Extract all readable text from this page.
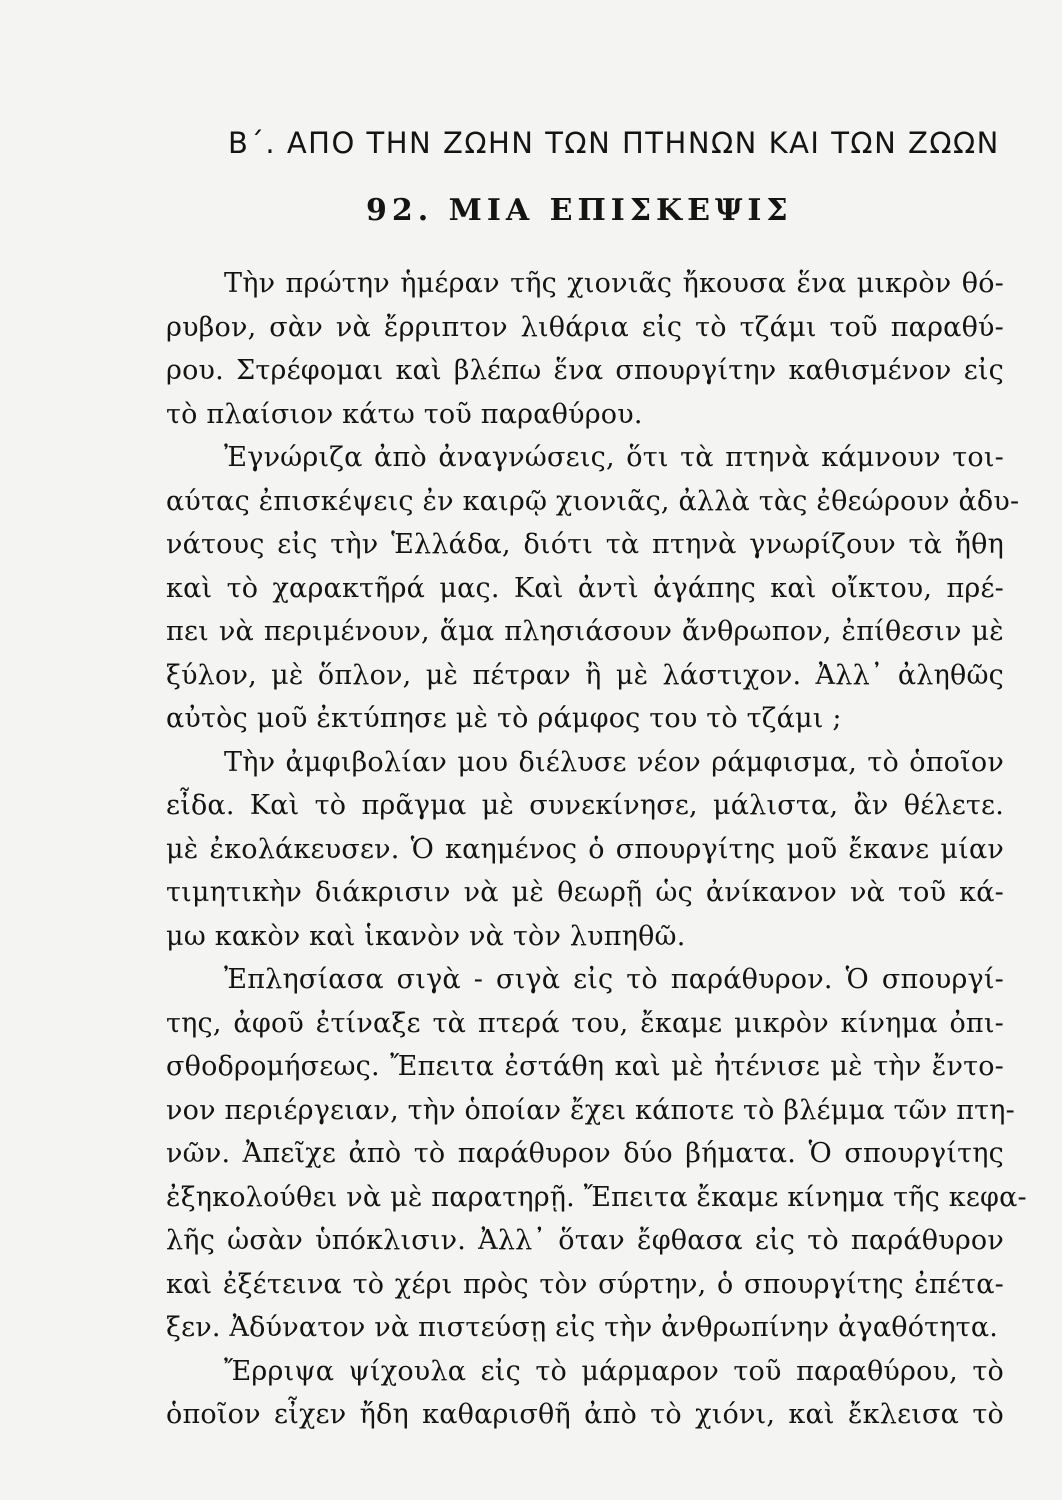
Β΄. ΑΠΟ ΤΗΝ ΖΩΗΝ ΤΩΝ ΠΤΗΝΩΝ ΚΑΙ ΤΩΝ ΖΩΩΝ
92. ΜΙΑ ΕΠΙΣΚΕΨΙΣ
Τὴν πρώτην ἡμέραν τῆς χιονιᾶς ἤκουσα ἕνα μικρὸν θό-
ρυβον, σὰν νὰ ἔρριπτον λιθάρια εἰς τὸ τζάμι τοῦ παραθύ-
ρου. Στρέφομαι καὶ βλέπω ἕνα σπουργίτην καθισμένον εἰς
τὸ πλαίσιον κάτω τοῦ παραθύρου.
Ἐγνώριζα ἀπὸ ἀναγνώσεις, ὅτι τὰ πτηνὰ κάμνουν τοι-
αύτας ἐπισκέψεις ἐν καιρῷ χιονιᾶς, ἀλλὰ τὰς ἐθεώρουν ἀδυ-
νάτους εἰς τὴν Ἑλλάδα, διότι τὰ πτηνὰ γνωρίζουν τὰ ἤθη
καὶ τὸ χαρακτῆρά μας. Καὶ ἀντὶ ἀγάπης καὶ οἴκτου, πρέ-
πει νὰ περιμένουν, ἅμα πλησιάσουν ἄνθρωπον, ἐπίθεσιν μὲ
ξύλον, μὲ ὅπλον, μὲ πέτραν ἢ μὲ λάστιχον. Ἀλλ᾽ ἀληθῶς
αὐτὸς μοῦ ἐκτύπησε μὲ τὸ ράμφος του τὸ τζάμι ;
Τὴν ἀμφιβολίαν μου διέλυσε νέον ράμφισμα, τὸ ὁποῖον
εἶδα. Καὶ τὸ πρᾶγμα μὲ συνεκίνησε, μάλιστα, ἂν θέλετε.
μὲ ἐκολάκευσεν. Ὁ καημένος ὁ σπουργίτης μοῦ ἔκανε μίαν
τιμητικὴν διάκρισιν νὰ μὲ θεωρῇ ὡς ἀνίκανον νὰ τοῦ κά-
μω κακὸν καὶ ἱκανὸν νὰ τὸν λυπηθῶ.
Ἐπλησίασα σιγὰ - σιγὰ εἰς τὸ παράθυρον. Ὁ σπουργί-
της, ἀφοῦ ἐτίναξε τὰ πτερά του, ἔκαμε μικρὸν κίνημα ὀπι-
σθοδρομήσεως. Ἔπειτα ἐστάθη καὶ μὲ ἠτένισε μὲ τὴν ἔντο-
νον περιέργειαν, τὴν ὁποίαν ἔχει κάποτε τὸ βλέμμα τῶν πτη-
νῶν. Ἀπεῖχε ἀπὸ τὸ παράθυρον δύο βήματα. Ὁ σπουργίτης
ἐξηκολούθει νὰ μὲ παρατηρῇ. Ἔπειτα ἔκαμε κίνημα τῆς κεφα-
λῆς ὡσὰν ὑπόκλισιν. Ἀλλ᾽ ὅταν ἔφθασα εἰς τὸ παράθυρον
καὶ ἐξέτεινα τὸ χέρι πρὸς τὸν σύρτην, ὁ σπουργίτης ἐπέτα-
ξεν. Ἀδύνατον νὰ πιστεύσῃ εἰς τὴν ἀνθρωπίνην ἀγαθότητα.
Ἔρριψα ψίχουλα εἰς τὸ μάρμαρον τοῦ παραθύρου, τὸ
ὁποῖον εἶχεν ἤδη καθαρισθῆ ἀπὸ τὸ χιόνι, καὶ ἔκλεισα τὸ
